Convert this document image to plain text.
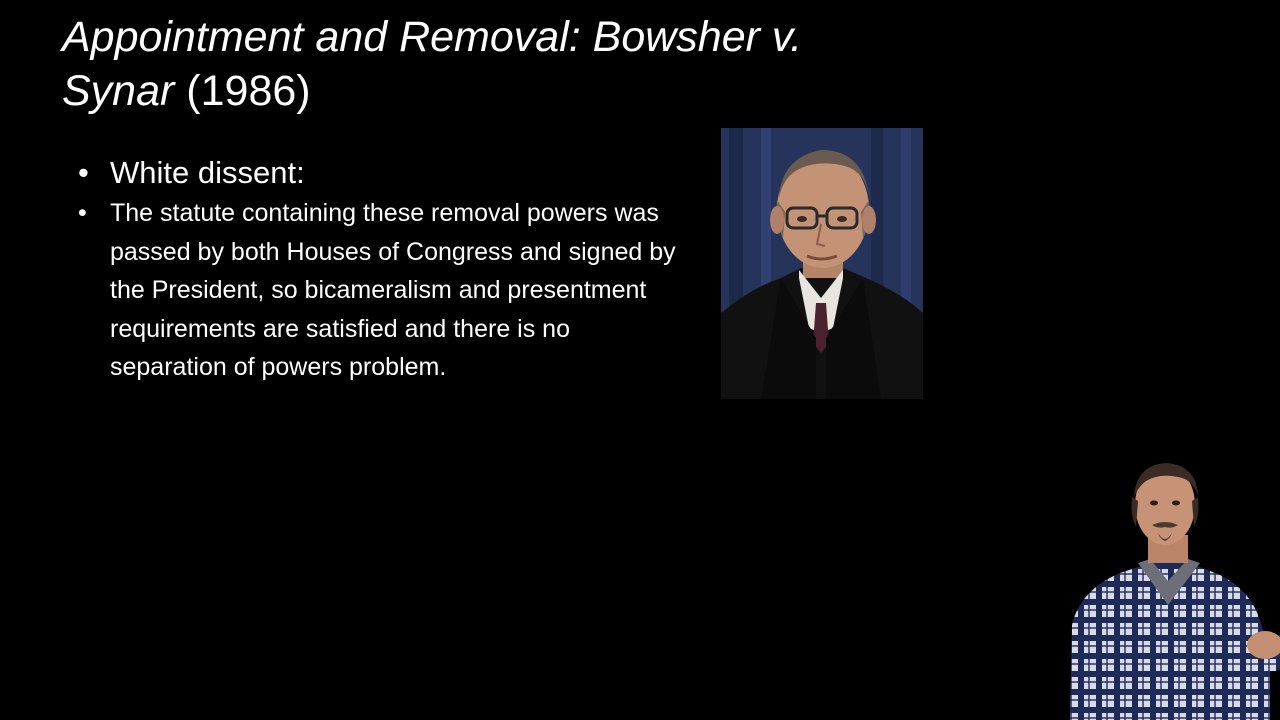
Appointment and Removal: Bowsher v.
Synar (1986)
• White dissent:
• The statute containing these removal powers was passed by both Houses of Congress and signed by the President, so bicameralism and presentment requirements are satisfied and there is no separation of powers problem.
